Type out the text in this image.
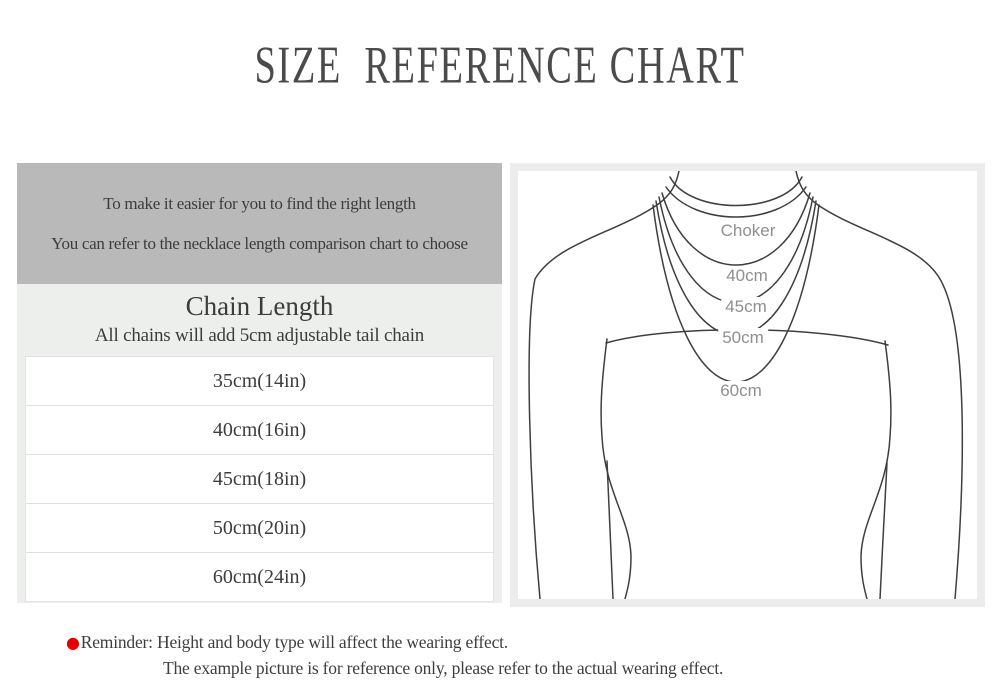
SIZE  REFERENCE CHART

To make it easier for you to find the right length

You can refer to the necklace length comparison chart to choose

Chain Length

All chains will add 5cm adjustable tail chain

35cm(14in)
40cm(16in)
45cm(18in)
50cm(20in)
60cm(24in)
Choker
40cm
45cm
50cm
60cm

●Reminder: Height and body type will affect the wearing effect.

The example picture is for reference only, please refer to the actual wearing effect.
